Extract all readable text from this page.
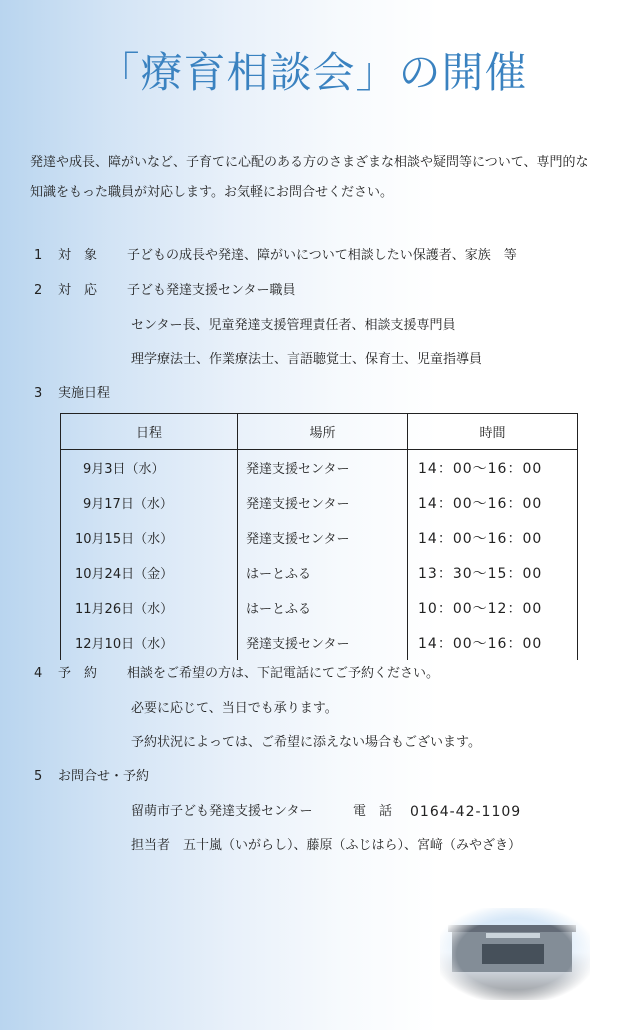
「療育相談会」の開催
発達や成長、障がいなど、子育てに心配のある方のさまざまな相談や疑問等について、専門的な知識をもった職員が対応します。お気軽にお問合せください。
1 対　象 子どもの成長や発達、障がいについて相談したい保護者、家族　等
2 対　応 子ども発達支援センター職員
センター長、児童発達支援管理責任者、相談支援専門員
理学療法士、作業療法士、言語聴覚士、保育士、児童指導員
3 実施日程
日程	場所	時間
9月3日（水）	発達支援センター	14：00〜16：00
9月17日（水）	発達支援センター	14：00〜16：00
10月15日（水）	発達支援センター	14：00〜16：00
10月24日（金）	はーとふる	13：30〜15：00
11月26日（水）	はーとふる	10：00〜12：00
12月10日（水）	発達支援センター	14：00〜16：00
4 予　約 相談をご希望の方は、下記電話にてご予約ください。
必要に応じて、当日でも承ります。
予約状況によっては、ご希望に添えない場合もございます。
5 お問合せ・予約
留萌市子ども発達支援センター	電　話 0164-42-1109
担当者　五十嵐（いがらし）、藤原（ふじはら）、宮﨑（みやざき）
